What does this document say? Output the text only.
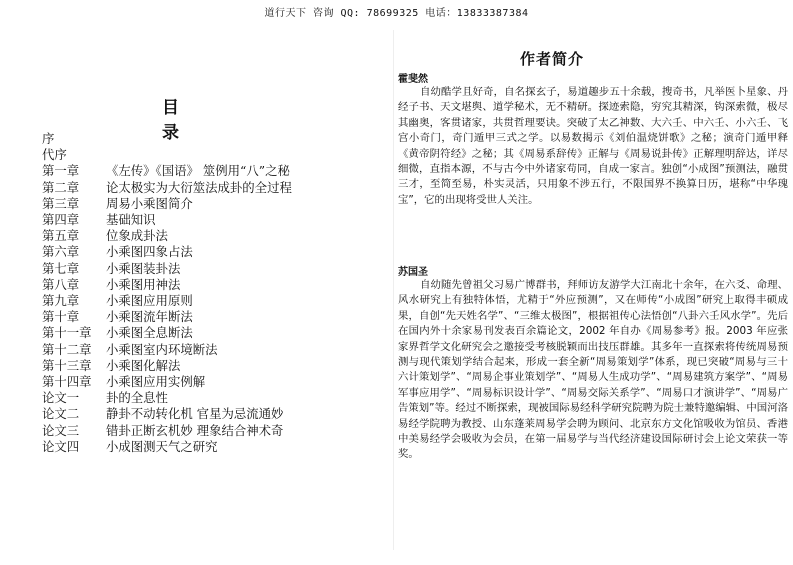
道行天下 咨询 QQ: 78699325 电话：13833387384
目 录
序
代序
第一章 《左传》《国语》 筮例用“八”之秘
第二章 论太极实为大衍筮法成卦的全过程
第三章 周易小乘图简介
第四章 基础知识
第五章 位象成卦法
第六章 小乘图四象占法
第七章 小乘图装卦法
第八章 小乘图用神法
第九章 小乘图应用原则
第十章 小乘图流年断法
第十一章 小乘图全息断法
第十二章 小乘图室内环境断法
第十三章 小乘图化解法
第十四章 小乘图应用实例解
论文一 卦的全息性
论文二 静卦不动转化机 官星为忌流通妙
论文三 错卦正断玄机妙 理象结合神术奇
论文四 小成图测天气之研究
作者简介
霍斐然

自幼酷学且好奇，自名探玄子，易道趣步五十余载，搜奇书，凡举医卜星象、丹经子书、天文堪舆、道学秘术，无不精研。探迹索隐，穷究其精深，钩深索微，极尽其幽奥，客贯诸家，共贯哲理要诀。突破了太乙神数、大六壬、中六壬、小六壬、飞宫小奇门，奇门遁甲三式之学。以易数揭示《刘伯温烧饼歌》之秘；演奇门遁甲释《黄帝阴符经》之秘；其《周易系辞传》正解与《周易说卦传》正解理明辞达，详尽细微，直指本源，不与古今中外诸家苟同，自成一家言。独创“小成图”预测法，融贯三才，至简至易，朴实灵活，只用象不涉五行，不限国界不换算日历，堪称“中华瑰宝”，它的出现将受世人关注。

苏国圣

自幼随先曾祖父习易广博群书，拜师访友游学大江南北十余年，在六爻、命理、风水研究上有独特体悟，尤精于“外应预测”，又在师传“小成图”研究上取得丰硕成果，自创“先天姓名学”、“三维太极图”，根据祖传心法悟创“八卦六壬风水学”。先后在国内外十余家易刊发表百余篇论文，2002 年自办《周易参考》报。2003 年应张家界哲学文化研究会之邀接受考核脱颖而出技压群雄。其多年一直探索将传统周易预测与现代策划学结合起来，形成一套全新“周易策划学”体系，现已突破“周易与三十六计策划学”、“周易企事业策划学”、“周易人生成功学”、“周易建筑方案学”、“周易军事应用学”、“周易标识设计学”、“周易交际关系学”、“周易口才演讲学”、“周易广告策划”等。经过不断探索，现被国际易经科学研究院聘为院士兼特邀编辑、中国河洛易经学院聘为教授、山东蓬莱周易学会聘为顾问、北京东方文化馆吸收为馆员、香港中美易经学会吸收为会员，在第一届易学与当代经济建设国际研讨会上论文荣获一等奖。
